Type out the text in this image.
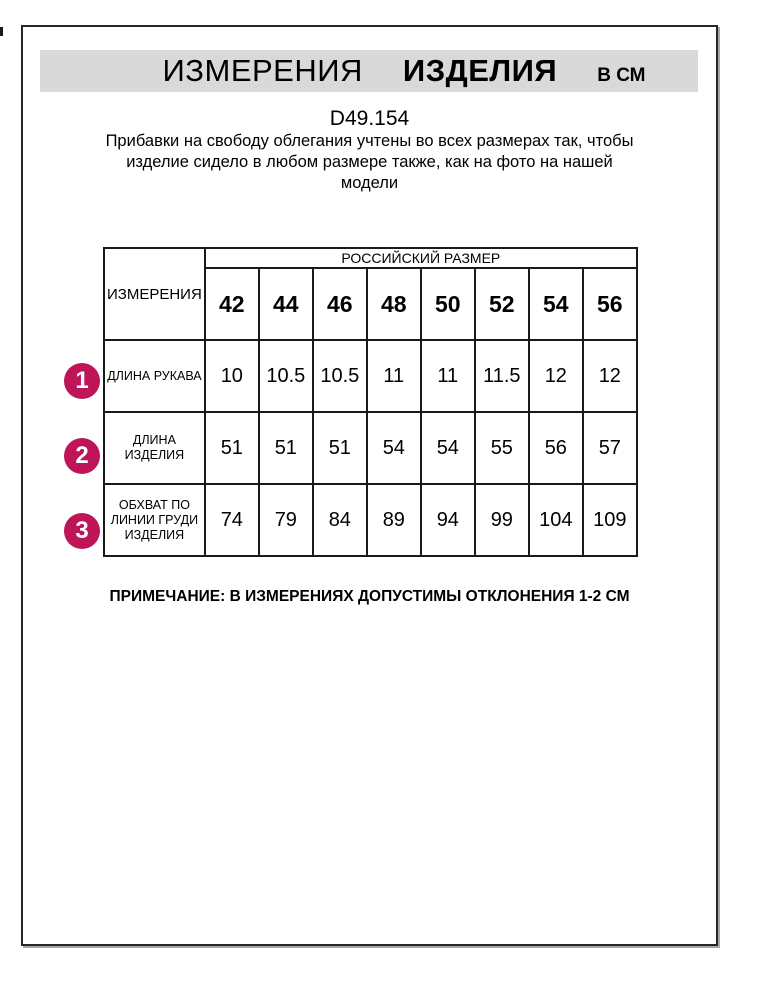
ИЗМЕРЕНИЯ ИЗДЕЛИЯ В СМ
D49.154
Прибавки на свободу облегания учтены во всех размерах так, чтобы
изделие сидело в любом размере также, как на фото на нашей
модели
1
2
3
ИЗМЕРЕНИЯ	РОССИЙСКИЙ РАЗМЕР							
	42	44	46	48	50	52	54	56
ДЛИНА РУКАВА	10	10.5	10.5	11	11	11.5	12	12
ДЛИНА ИЗДЕЛИЯ	51	51	51	54	54	55	56	57
ОБХВАТ ПО ЛИНИИ ГРУДИ ИЗДЕЛИЯ	74	79	84	89	94	99	104	109
ПРИМЕЧАНИЕ: В ИЗМЕРЕНИЯХ ДОПУСТИМЫ ОТКЛОНЕНИЯ 1-2 СМ
